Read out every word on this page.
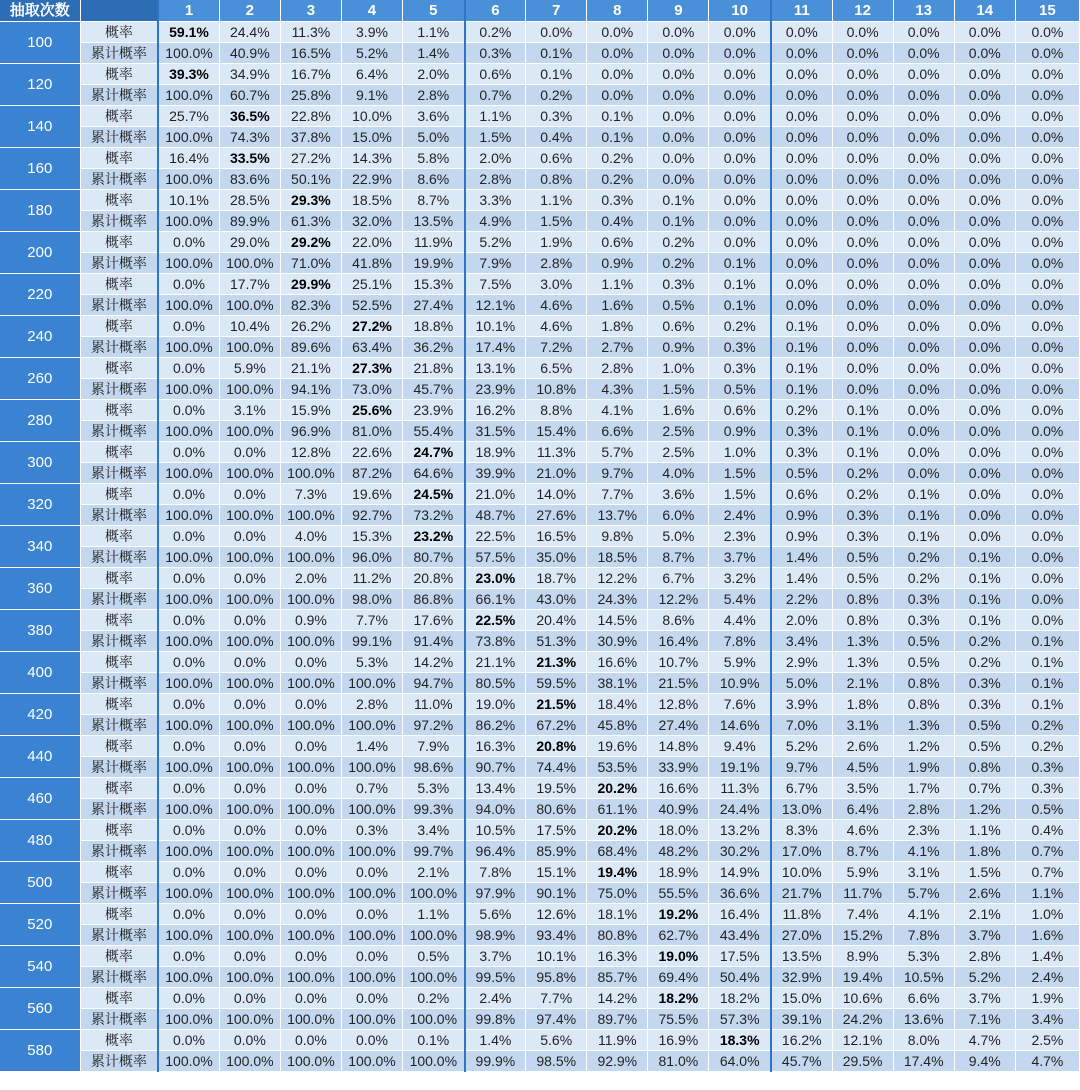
抽取次数		1	2	3	4	5	6	7	8	9	10	11	12	13	14	15
100	概率	59.1%	24.4%	11.3%	3.9%	1.1%	0.2%	0.0%	0.0%	0.0%	0.0%	0.0%	0.0%	0.0%	0.0%	0.0%
	累计概率	100.0%	40.9%	16.5%	5.2%	1.4%	0.3%	0.1%	0.0%	0.0%	0.0%	0.0%	0.0%	0.0%	0.0%	0.0%
120	概率	39.3%	34.9%	16.7%	6.4%	2.0%	0.6%	0.1%	0.0%	0.0%	0.0%	0.0%	0.0%	0.0%	0.0%	0.0%
	累计概率	100.0%	60.7%	25.8%	9.1%	2.8%	0.7%	0.2%	0.0%	0.0%	0.0%	0.0%	0.0%	0.0%	0.0%	0.0%
140	概率	25.7%	36.5%	22.8%	10.0%	3.6%	1.1%	0.3%	0.1%	0.0%	0.0%	0.0%	0.0%	0.0%	0.0%	0.0%
	累计概率	100.0%	74.3%	37.8%	15.0%	5.0%	1.5%	0.4%	0.1%	0.0%	0.0%	0.0%	0.0%	0.0%	0.0%	0.0%
160	概率	16.4%	33.5%	27.2%	14.3%	5.8%	2.0%	0.6%	0.2%	0.0%	0.0%	0.0%	0.0%	0.0%	0.0%	0.0%
	累计概率	100.0%	83.6%	50.1%	22.9%	8.6%	2.8%	0.8%	0.2%	0.0%	0.0%	0.0%	0.0%	0.0%	0.0%	0.0%
180	概率	10.1%	28.5%	29.3%	18.5%	8.7%	3.3%	1.1%	0.3%	0.1%	0.0%	0.0%	0.0%	0.0%	0.0%	0.0%
	累计概率	100.0%	89.9%	61.3%	32.0%	13.5%	4.9%	1.5%	0.4%	0.1%	0.0%	0.0%	0.0%	0.0%	0.0%	0.0%
200	概率	0.0%	29.0%	29.2%	22.0%	11.9%	5.2%	1.9%	0.6%	0.2%	0.0%	0.0%	0.0%	0.0%	0.0%	0.0%
	累计概率	100.0%	100.0%	71.0%	41.8%	19.9%	7.9%	2.8%	0.9%	0.2%	0.1%	0.0%	0.0%	0.0%	0.0%	0.0%
220	概率	0.0%	17.7%	29.9%	25.1%	15.3%	7.5%	3.0%	1.1%	0.3%	0.1%	0.0%	0.0%	0.0%	0.0%	0.0%
	累计概率	100.0%	100.0%	82.3%	52.5%	27.4%	12.1%	4.6%	1.6%	0.5%	0.1%	0.0%	0.0%	0.0%	0.0%	0.0%
240	概率	0.0%	10.4%	26.2%	27.2%	18.8%	10.1%	4.6%	1.8%	0.6%	0.2%	0.1%	0.0%	0.0%	0.0%	0.0%
	累计概率	100.0%	100.0%	89.6%	63.4%	36.2%	17.4%	7.2%	2.7%	0.9%	0.3%	0.1%	0.0%	0.0%	0.0%	0.0%
260	概率	0.0%	5.9%	21.1%	27.3%	21.8%	13.1%	6.5%	2.8%	1.0%	0.3%	0.1%	0.0%	0.0%	0.0%	0.0%
	累计概率	100.0%	100.0%	94.1%	73.0%	45.7%	23.9%	10.8%	4.3%	1.5%	0.5%	0.1%	0.0%	0.0%	0.0%	0.0%
280	概率	0.0%	3.1%	15.9%	25.6%	23.9%	16.2%	8.8%	4.1%	1.6%	0.6%	0.2%	0.1%	0.0%	0.0%	0.0%
	累计概率	100.0%	100.0%	96.9%	81.0%	55.4%	31.5%	15.4%	6.6%	2.5%	0.9%	0.3%	0.1%	0.0%	0.0%	0.0%
300	概率	0.0%	0.0%	12.8%	22.6%	24.7%	18.9%	11.3%	5.7%	2.5%	1.0%	0.3%	0.1%	0.0%	0.0%	0.0%
	累计概率	100.0%	100.0%	100.0%	87.2%	64.6%	39.9%	21.0%	9.7%	4.0%	1.5%	0.5%	0.2%	0.0%	0.0%	0.0%
320	概率	0.0%	0.0%	7.3%	19.6%	24.5%	21.0%	14.0%	7.7%	3.6%	1.5%	0.6%	0.2%	0.1%	0.0%	0.0%
	累计概率	100.0%	100.0%	100.0%	92.7%	73.2%	48.7%	27.6%	13.7%	6.0%	2.4%	0.9%	0.3%	0.1%	0.0%	0.0%
340	概率	0.0%	0.0%	4.0%	15.3%	23.2%	22.5%	16.5%	9.8%	5.0%	2.3%	0.9%	0.3%	0.1%	0.0%	0.0%
	累计概率	100.0%	100.0%	100.0%	96.0%	80.7%	57.5%	35.0%	18.5%	8.7%	3.7%	1.4%	0.5%	0.2%	0.1%	0.0%
360	概率	0.0%	0.0%	2.0%	11.2%	20.8%	23.0%	18.7%	12.2%	6.7%	3.2%	1.4%	0.5%	0.2%	0.1%	0.0%
	累计概率	100.0%	100.0%	100.0%	98.0%	86.8%	66.1%	43.0%	24.3%	12.2%	5.4%	2.2%	0.8%	0.3%	0.1%	0.0%
380	概率	0.0%	0.0%	0.9%	7.7%	17.6%	22.5%	20.4%	14.5%	8.6%	4.4%	2.0%	0.8%	0.3%	0.1%	0.0%
	累计概率	100.0%	100.0%	100.0%	99.1%	91.4%	73.8%	51.3%	30.9%	16.4%	7.8%	3.4%	1.3%	0.5%	0.2%	0.1%
400	概率	0.0%	0.0%	0.0%	5.3%	14.2%	21.1%	21.3%	16.6%	10.7%	5.9%	2.9%	1.3%	0.5%	0.2%	0.1%
	累计概率	100.0%	100.0%	100.0%	100.0%	94.7%	80.5%	59.5%	38.1%	21.5%	10.9%	5.0%	2.1%	0.8%	0.3%	0.1%
420	概率	0.0%	0.0%	0.0%	2.8%	11.0%	19.0%	21.5%	18.4%	12.8%	7.6%	3.9%	1.8%	0.8%	0.3%	0.1%
	累计概率	100.0%	100.0%	100.0%	100.0%	97.2%	86.2%	67.2%	45.8%	27.4%	14.6%	7.0%	3.1%	1.3%	0.5%	0.2%
440	概率	0.0%	0.0%	0.0%	1.4%	7.9%	16.3%	20.8%	19.6%	14.8%	9.4%	5.2%	2.6%	1.2%	0.5%	0.2%
	累计概率	100.0%	100.0%	100.0%	100.0%	98.6%	90.7%	74.4%	53.5%	33.9%	19.1%	9.7%	4.5%	1.9%	0.8%	0.3%
460	概率	0.0%	0.0%	0.0%	0.7%	5.3%	13.4%	19.5%	20.2%	16.6%	11.3%	6.7%	3.5%	1.7%	0.7%	0.3%
	累计概率	100.0%	100.0%	100.0%	100.0%	99.3%	94.0%	80.6%	61.1%	40.9%	24.4%	13.0%	6.4%	2.8%	1.2%	0.5%
480	概率	0.0%	0.0%	0.0%	0.3%	3.4%	10.5%	17.5%	20.2%	18.0%	13.2%	8.3%	4.6%	2.3%	1.1%	0.4%
	累计概率	100.0%	100.0%	100.0%	100.0%	99.7%	96.4%	85.9%	68.4%	48.2%	30.2%	17.0%	8.7%	4.1%	1.8%	0.7%
500	概率	0.0%	0.0%	0.0%	0.0%	2.1%	7.8%	15.1%	19.4%	18.9%	14.9%	10.0%	5.9%	3.1%	1.5%	0.7%
	累计概率	100.0%	100.0%	100.0%	100.0%	100.0%	97.9%	90.1%	75.0%	55.5%	36.6%	21.7%	11.7%	5.7%	2.6%	1.1%
520	概率	0.0%	0.0%	0.0%	0.0%	1.1%	5.6%	12.6%	18.1%	19.2%	16.4%	11.8%	7.4%	4.1%	2.1%	1.0%
	累计概率	100.0%	100.0%	100.0%	100.0%	100.0%	98.9%	93.4%	80.8%	62.7%	43.4%	27.0%	15.2%	7.8%	3.7%	1.6%
540	概率	0.0%	0.0%	0.0%	0.0%	0.5%	3.7%	10.1%	16.3%	19.0%	17.5%	13.5%	8.9%	5.3%	2.8%	1.4%
	累计概率	100.0%	100.0%	100.0%	100.0%	100.0%	99.5%	95.8%	85.7%	69.4%	50.4%	32.9%	19.4%	10.5%	5.2%	2.4%
560	概率	0.0%	0.0%	0.0%	0.0%	0.2%	2.4%	7.7%	14.2%	18.2%	18.2%	15.0%	10.6%	6.6%	3.7%	1.9%
	累计概率	100.0%	100.0%	100.0%	100.0%	100.0%	99.8%	97.4%	89.7%	75.5%	57.3%	39.1%	24.2%	13.6%	7.1%	3.4%
580	概率	0.0%	0.0%	0.0%	0.0%	0.1%	1.4%	5.6%	11.9%	16.9%	18.3%	16.2%	12.1%	8.0%	4.7%	2.5%
	累计概率	100.0%	100.0%	100.0%	100.0%	100.0%	99.9%	98.5%	92.9%	81.0%	64.0%	45.7%	29.5%	17.4%	9.4%	4.7%
